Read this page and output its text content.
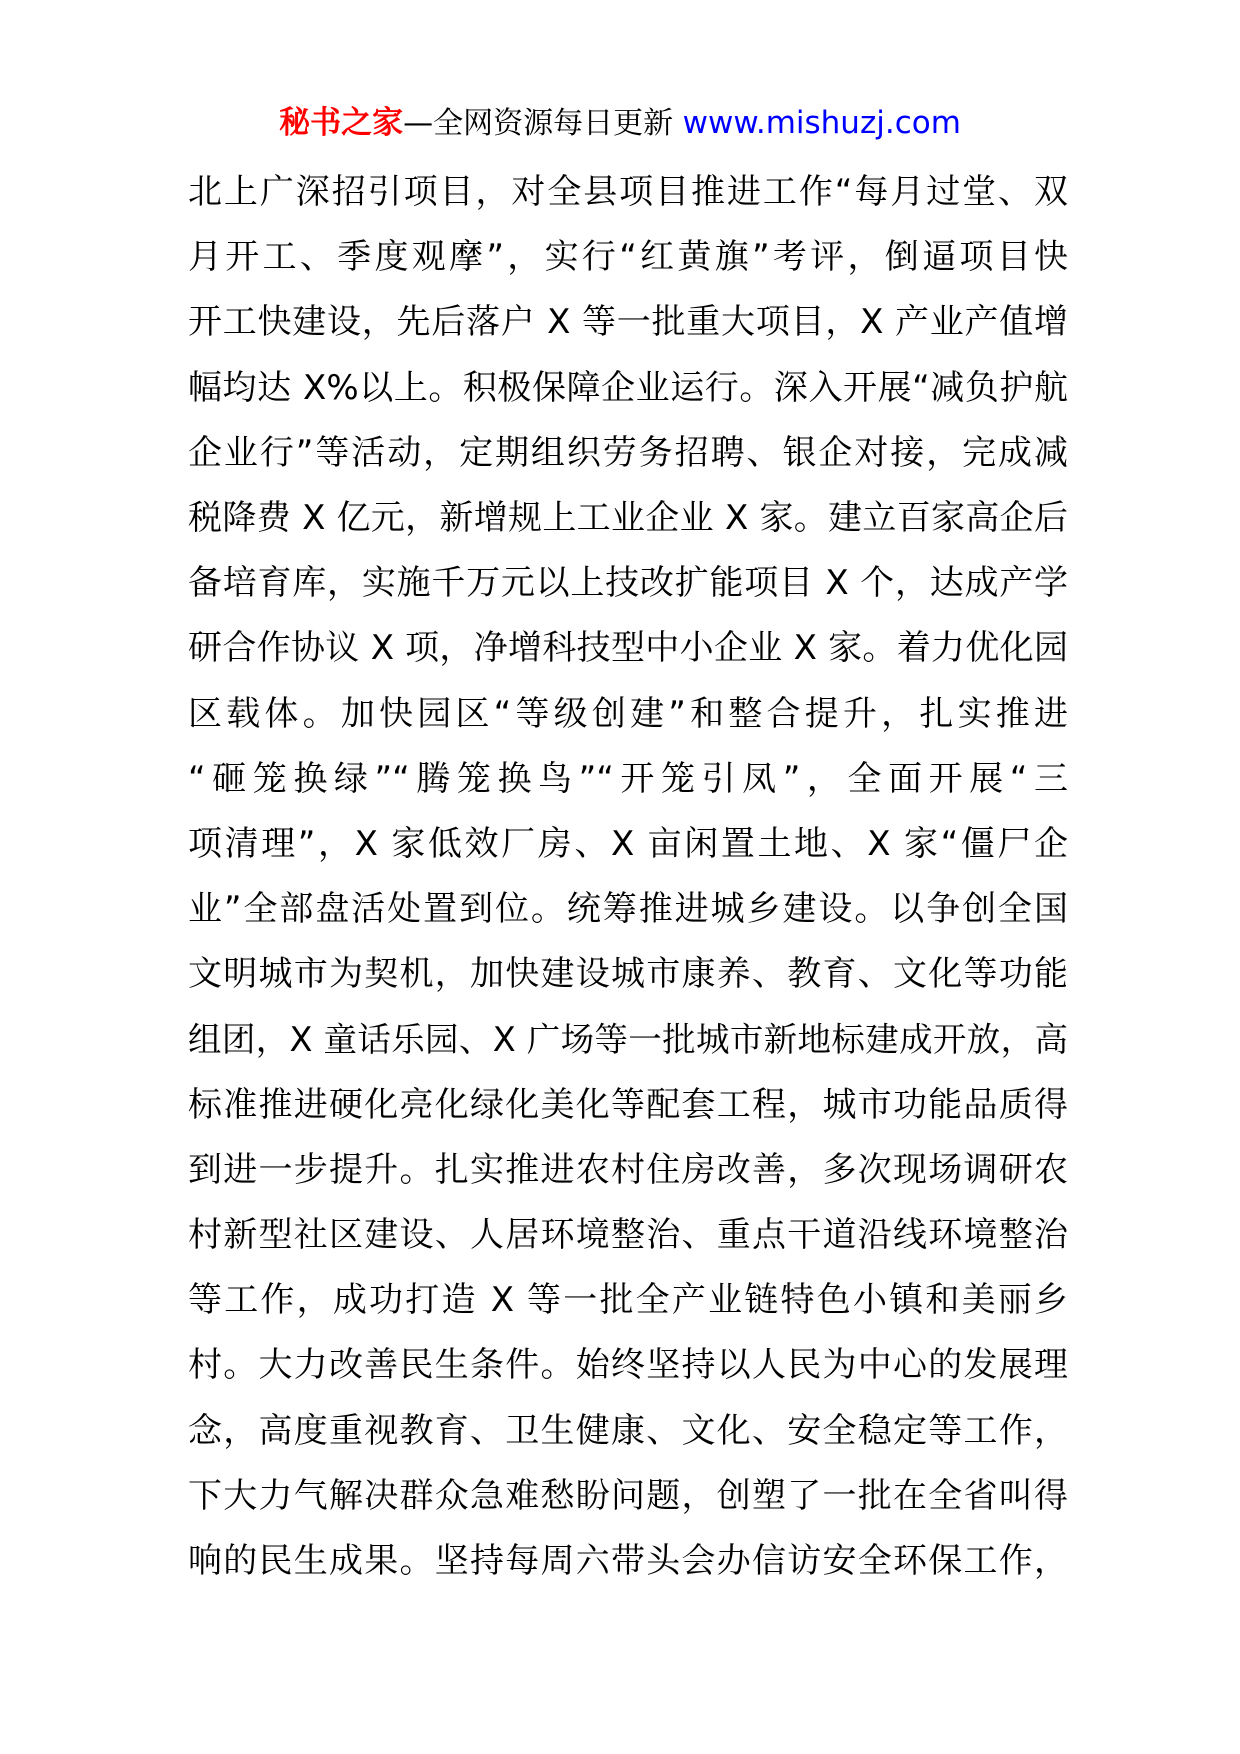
秘书之家—全网资源每日更新 www.mishuzj.com
北上广深招引项目，对全县项目推进工作“每月过堂、双
月开工、季度观摩”，实行“红黄旗”考评，倒逼项目快
开工快建设，先后落户 X 等一批重大项目，X 产业产值增
幅均达 X%以上。积极保障企业运行。深入开展“减负护航
企业行”等活动，定期组织劳务招聘、银企对接，完成减
税降费 X 亿元，新增规上工业企业 X 家。建立百家高企后
备培育库，实施千万元以上技改扩能项目 X 个，达成产学
研合作协议 X 项，净增科技型中小企业 X 家。着力优化园
区载体。加快园区“等级创建”和整合提升，扎实推进
“砸笼换绿”“腾笼换鸟”“开笼引凤”，全面开展“三
项清理”，X 家低效厂房、X 亩闲置土地、X 家“僵尸企
业”全部盘活处置到位。统筹推进城乡建设。以争创全国
文明城市为契机，加快建设城市康养、教育、文化等功能
组团，X 童话乐园、X 广场等一批城市新地标建成开放，高
标准推进硬化亮化绿化美化等配套工程，城市功能品质得
到进一步提升。扎实推进农村住房改善，多次现场调研农
村新型社区建设、人居环境整治、重点干道沿线环境整治
等工作，成功打造 X 等一批全产业链特色小镇和美丽乡
村。大力改善民生条件。始终坚持以人民为中心的发展理
念，高度重视教育、卫生健康、文化、安全稳定等工作，
下大力气解决群众急难愁盼问题，创塑了一批在全省叫得
响的民生成果。坚持每周六带头会办信访安全环保工作，
